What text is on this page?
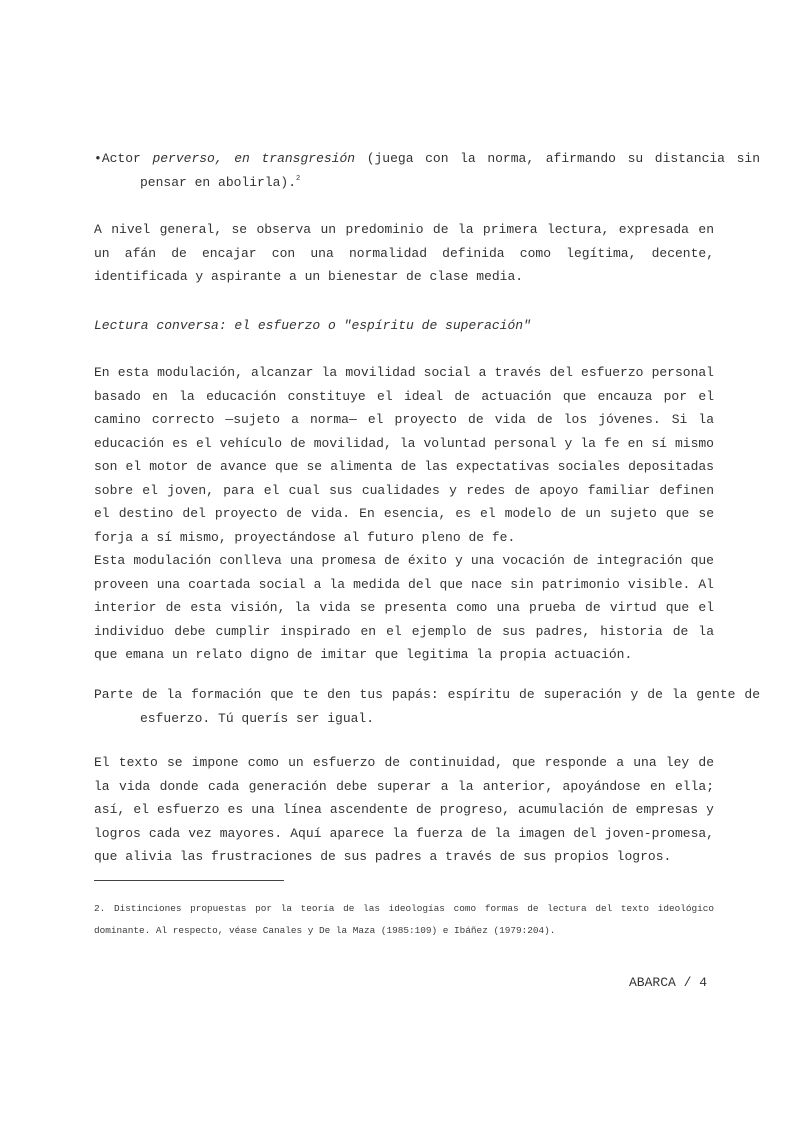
•Actor perverso, en transgresión (juega con la norma, afirmando su distancia sin pensar en abolirla).$^2$

A nivel general, se observa un predominio de la primera lectura, expresada en un afán de encajar con una normalidad definida como legítima, decente, identificada y aspirante a un bienestar de clase media.

Lectura conversa: el esfuerzo o "espíritu de superación"

En esta modulación, alcanzar la movilidad social a través del esfuerzo personal basado en la educación constituye el ideal de actuación que encauza por el camino correcto —sujeto a norma— el proyecto de vida de los jóvenes. Si la educación es el vehículo de movilidad, la voluntad personal y la fe en sí mismo son el motor de avance que se alimenta de las expectativas sociales depositadas sobre el joven, para el cual sus cualidades y redes de apoyo familiar definen el destino del proyecto de vida. En esencia, es el modelo de un sujeto que se forja a sí mismo, proyectándose al futuro pleno de fe.

Esta modulación conlleva una promesa de éxito y una vocación de integración que proveen una coartada social a la medida del que nace sin patrimonio visible. Al interior de esta visión, la vida se presenta como una prueba de virtud que el individuo debe cumplir inspirado en el ejemplo de sus padres, historia de la que emana un relato digno de imitar que legitima la propia actuación.

Parte de la formación que te den tus papás: espíritu de superación y de la gente de esfuerzo. Tú querís ser igual.

El texto se impone como un esfuerzo de continuidad, que responde a una ley de la vida donde cada generación debe superar a la anterior, apoyándose en ella; así, el esfuerzo es una línea ascendente de progreso, acumulación de empresas y logros cada vez mayores. Aquí aparece la fuerza de la imagen del joven-promesa, que alivia las frustraciones de sus padres a través de sus propios logros.

2. Distinciones propuestas por la teoría de las ideologías como formas de lectura del texto ideológico dominante. Al respecto, véase Canales y De la Maza (1985:109) e Ibáñez (1979:204).

ABARCA / 4
